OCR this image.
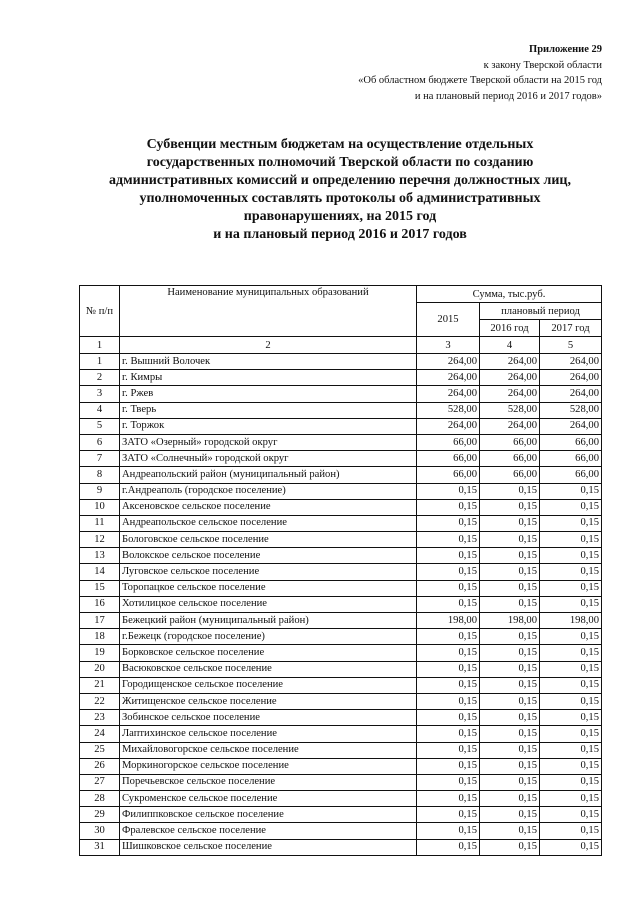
Приложение 29
к закону Тверской области
«Об областном бюджете Тверской области на 2015 год
и на плановый период 2016 и 2017 годов»
Субвенции местным бюджетам на осуществление отдельных
государственных полномочий Тверской области по созданию
административных комиссий и определению перечня должностных лиц,
уполномоченных составлять протоколы об административных
правонарушениях, на 2015 год
и на плановый период 2016 и 2017 годов
№ п/п	Наименование муниципальных образований	Сумма, тыс.руб.		
		2015	плановый период	
			2016 год	2017 год
1	2	3	4	5
1	г. Вышний Волочек	264,00	264,00	264,00
2	г. Кимры	264,00	264,00	264,00
3	г. Ржев	264,00	264,00	264,00
4	г. Тверь	528,00	528,00	528,00
5	г. Торжок	264,00	264,00	264,00
6	ЗАТО «Озерный» городской округ	66,00	66,00	66,00
7	ЗАТО «Солнечный» городской округ	66,00	66,00	66,00
8	Андреапольский район (муниципальный район)	66,00	66,00	66,00
9	г.Андреаполь (городское поселение)	0,15	0,15	0,15
10	Аксеновское сельское поселение	0,15	0,15	0,15
11	Андреапольское сельское поселение	0,15	0,15	0,15
12	Бологовское сельское поселение	0,15	0,15	0,15
13	Волокское сельское поселение	0,15	0,15	0,15
14	Луговское сельское поселение	0,15	0,15	0,15
15	Торопацкое сельское поселение	0,15	0,15	0,15
16	Хотилицкое сельское поселение	0,15	0,15	0,15
17	Бежецкий район (муниципальный район)	198,00	198,00	198,00
18	г.Бежецк (городское поселение)	0,15	0,15	0,15
19	Борковское сельское поселение	0,15	0,15	0,15
20	Васюковское сельское поселение	0,15	0,15	0,15
21	Городищенское сельское поселение	0,15	0,15	0,15
22	Житищенское сельское поселение	0,15	0,15	0,15
23	Зобинское сельское поселение	0,15	0,15	0,15
24	Лаптихинское сельское поселение	0,15	0,15	0,15
25	Михайловогорское сельское поселение	0,15	0,15	0,15
26	Моркиногорское сельское поселение	0,15	0,15	0,15
27	Поречьевское сельское поселение	0,15	0,15	0,15
28	Сукроменское сельское поселение	0,15	0,15	0,15
29	Филиппковское сельское поселение	0,15	0,15	0,15
30	Фралевское сельское поселение	0,15	0,15	0,15
31	Шишковское сельское поселение	0,15	0,15	0,15
